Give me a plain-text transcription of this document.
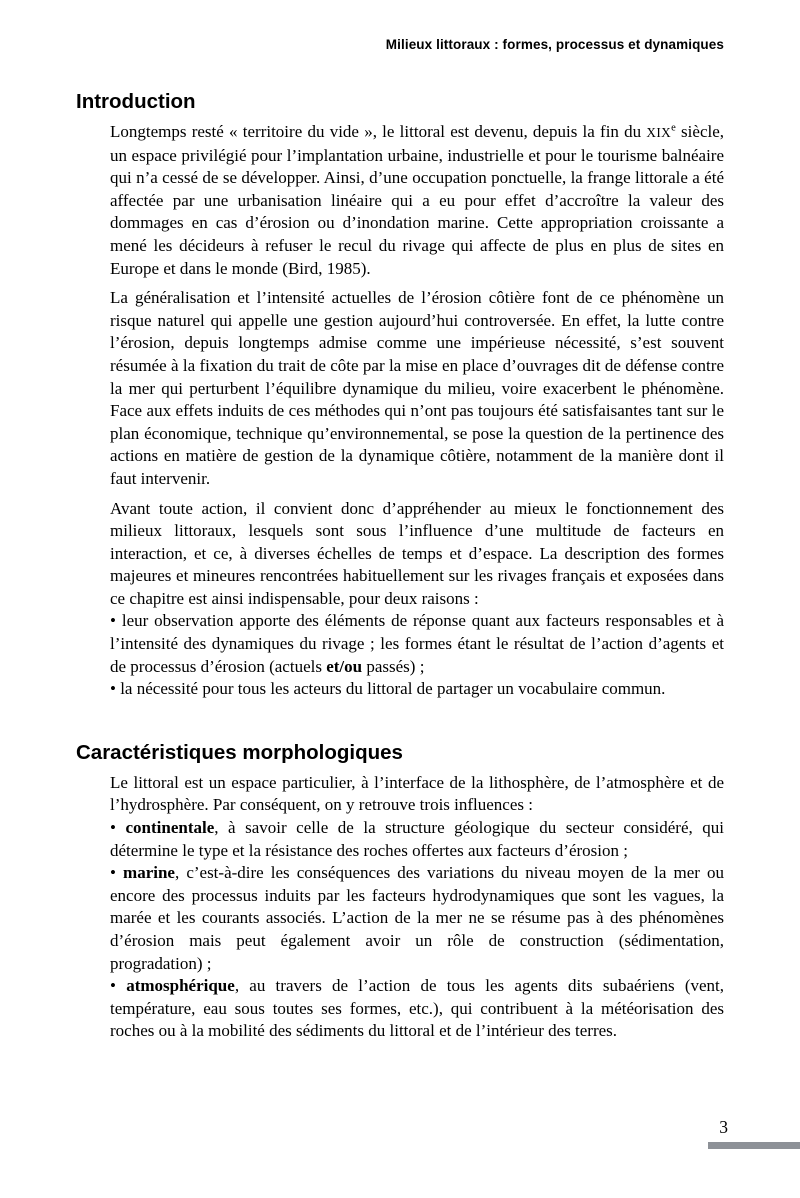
Milieux littoraux : formes, processus et dynamiques
Introduction

Longtemps resté « territoire du vide », le littoral est devenu, depuis la fin du XIXe siècle, un espace privilégié pour l’implantation urbaine, industrielle et pour le tourisme balnéaire qui n’a cessé de se développer. Ainsi, d’une occupation ponctuelle, la frange littorale a été affectée par une urbanisation linéaire qui a eu pour effet d’accroître la valeur des dommages en cas d’érosion ou d’inondation marine. Cette appropriation croissante a mené les décideurs à refuser le recul du rivage qui affecte de plus en plus de sites en Europe et dans le monde (Bird, 1985).

La généralisation et l’intensité actuelles de l’érosion côtière font de ce phénomène un risque naturel qui appelle une gestion aujourd’hui controversée. En effet, la lutte contre l’érosion, depuis longtemps admise comme une impérieuse nécessité, s’est souvent résumée à la fixation du trait de côte par la mise en place d’ouvrages dit de défense contre la mer qui perturbent l’équilibre dynamique du milieu, voire exacerbent le phénomène. Face aux effets induits de ces méthodes qui n’ont pas toujours été satisfaisantes tant sur le plan économique, technique qu’environnemental, se pose la question de la pertinence des actions en matière de gestion de la dynamique côtière, notamment de la manière dont il faut intervenir.

Avant toute action, il convient donc d’appréhender au mieux le fonctionnement des milieux littoraux, lesquels sont sous l’influence d’une multitude de facteurs en interaction, et ce, à diverses échelles de temps et d’espace. La description des formes majeures et mineures rencontrées habituellement sur les rivages français et exposées dans ce chapitre est ainsi indispensable, pour deux raisons :

• leur observation apporte des éléments de réponse quant aux facteurs responsables et à l’intensité des dynamiques du rivage ; les formes étant le résultat de l’action d’agents et de processus d’érosion (actuels et/ou passés) ;

• la nécessité pour tous les acteurs du littoral de partager un vocabulaire commun.

Caractéristiques morphologiques

Le littoral est un espace particulier, à l’interface de la lithosphère, de l’atmosphère et de l’hydrosphère. Par conséquent, on y retrouve trois influences :

• continentale, à savoir celle de la structure géologique du secteur considéré, qui détermine le type et la résistance des roches offertes aux facteurs d’érosion ;

• marine, c’est-à-dire les conséquences des variations du niveau moyen de la mer ou encore des processus induits par les facteurs hydrodynamiques que sont les vagues, la marée et les courants associés. L’action de la mer ne se résume pas à des phénomènes d’érosion mais peut également avoir un rôle de construction (sédimentation, progradation) ;

• atmosphérique, au travers de l’action de tous les agents dits subaériens (vent, température, eau sous toutes ses formes, etc.), qui contribuent à la météorisation des roches ou à la mobilité des sédiments du littoral et de l’intérieur des terres.

3
